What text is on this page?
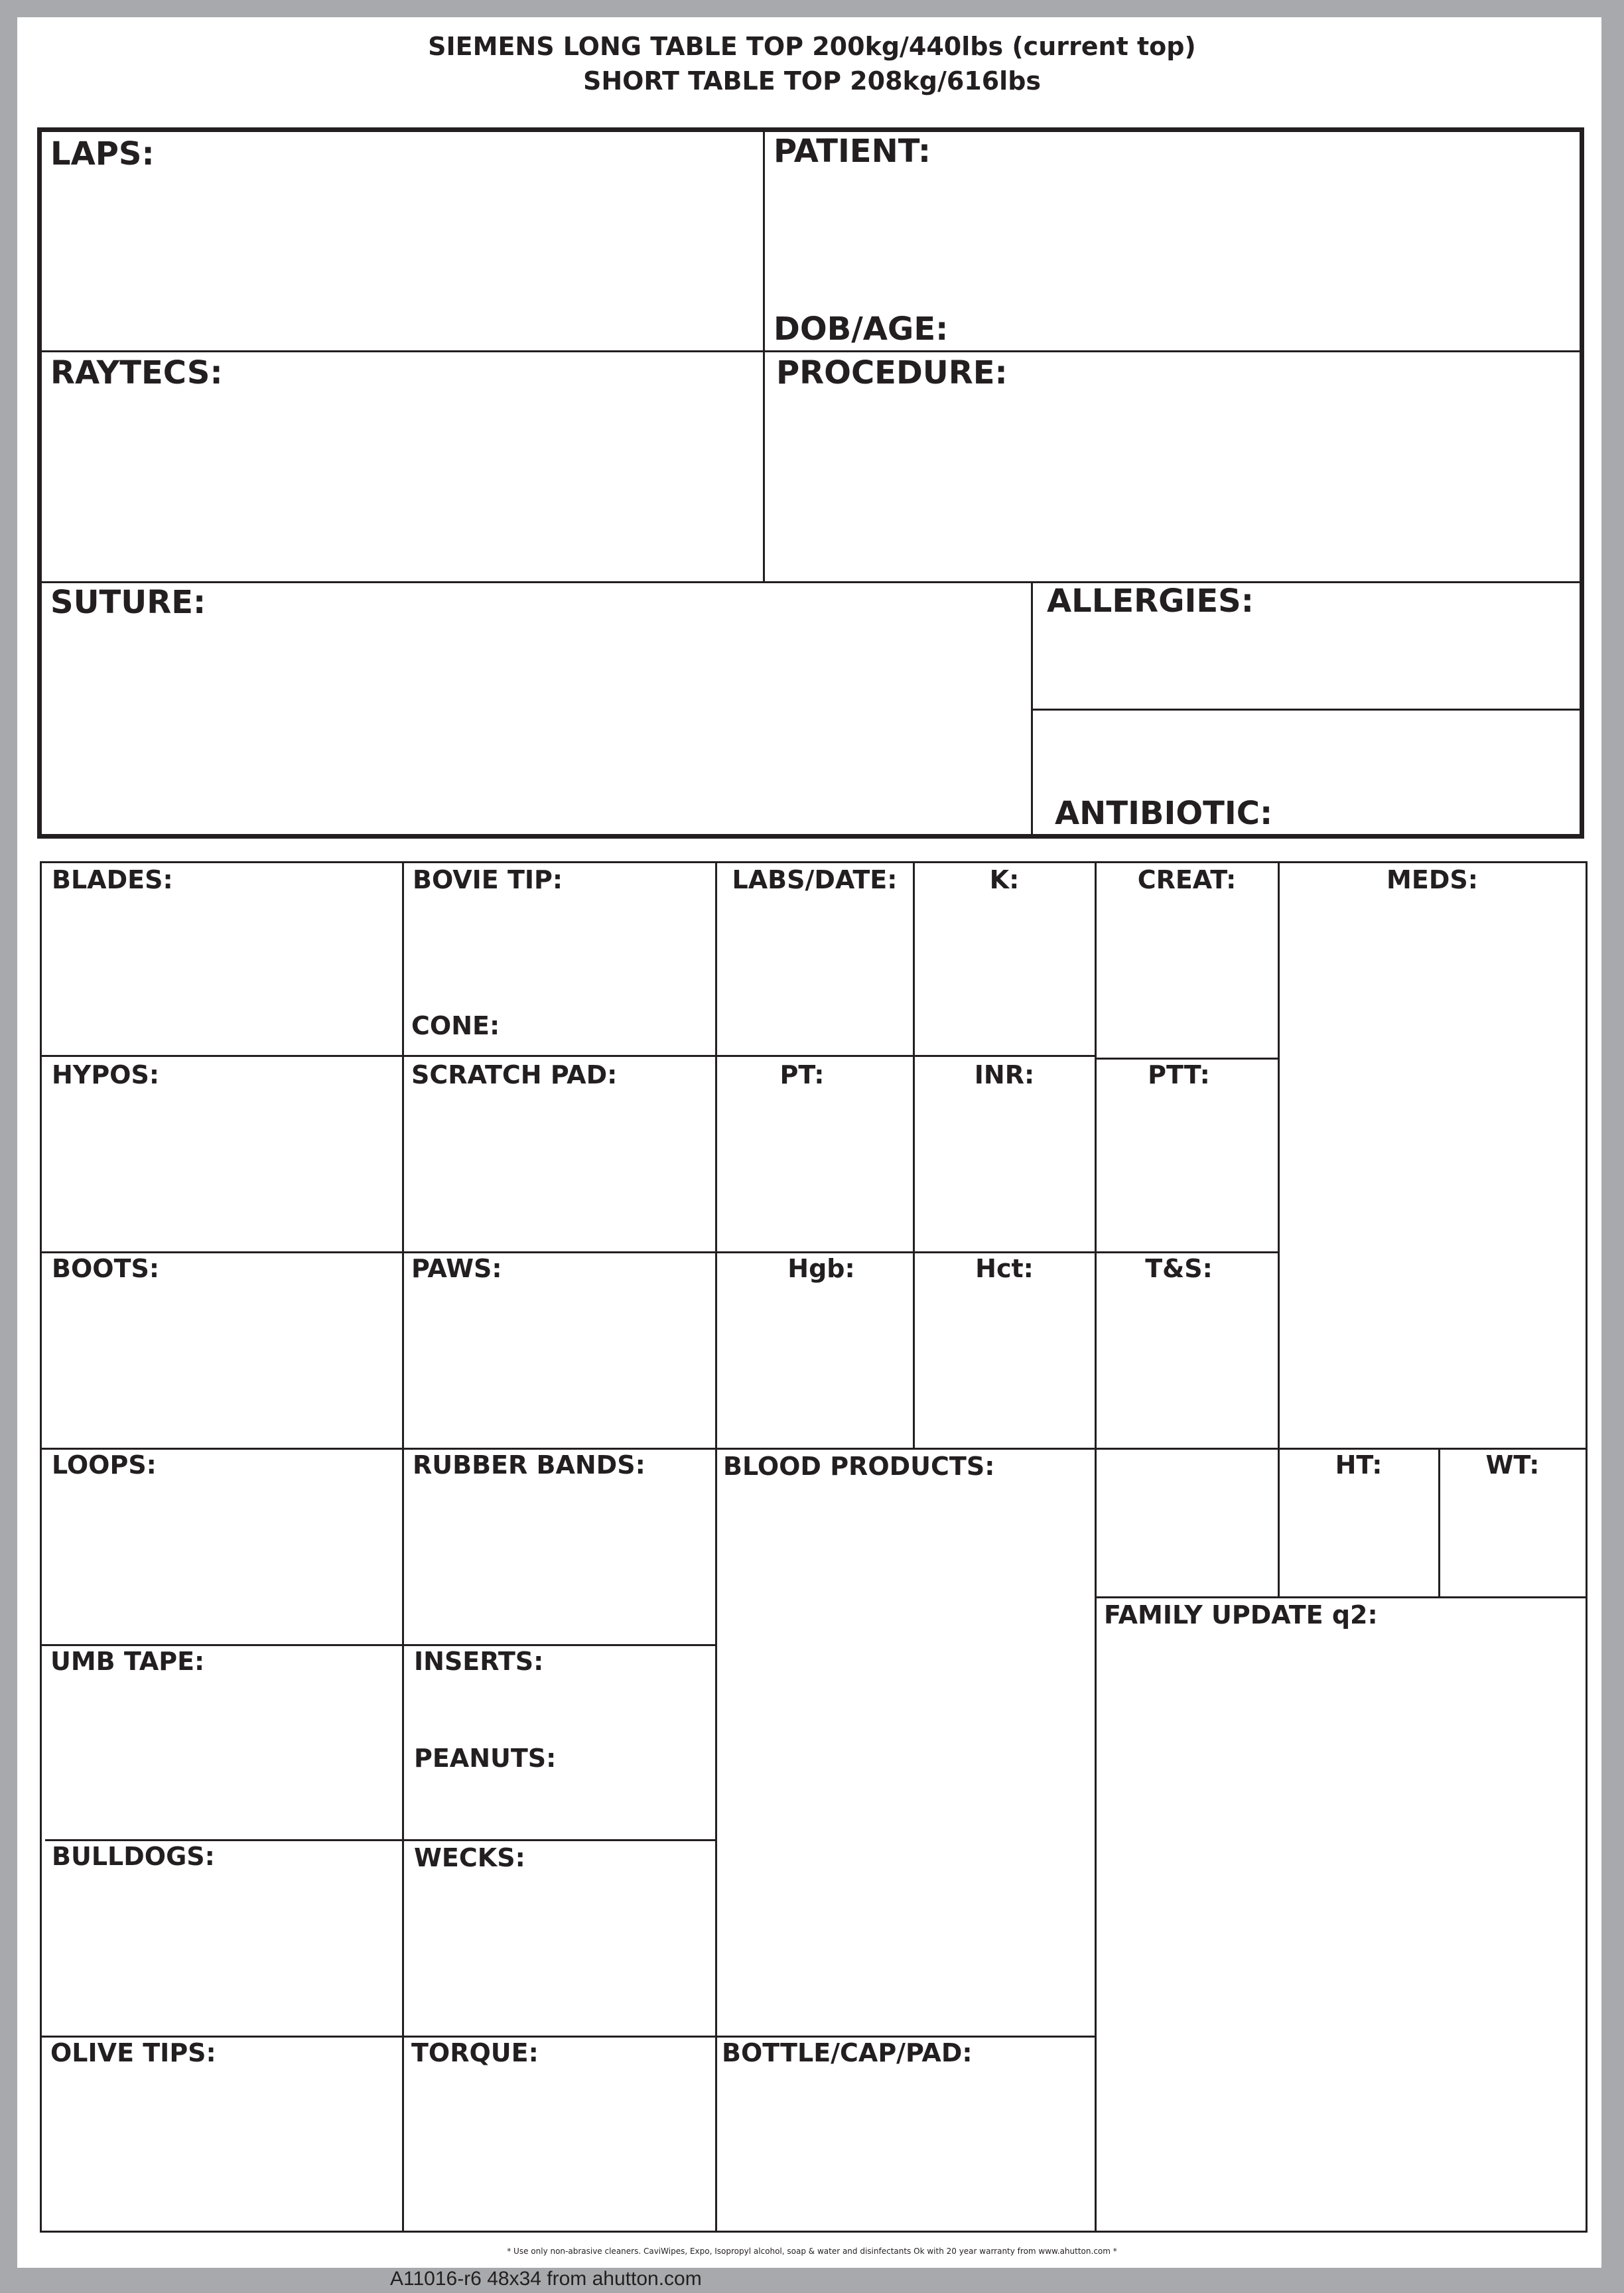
SIEMENS LONG TABLE TOP 200kg/440lbs (current top)
SHORT TABLE TOP 208kg/616lbs
LAPS:	PATIENT:
DOB/AGE:
RAYTECS:	PROCEDURE:
SUTURE:	ALLERGIES:
ANTIBIOTIC:
BLADES:	BOVIE TIP:
CONE:
LABS/DATE:	K:	CREAT:	MEDS:
HYPOS:	SCRATCH PAD:	PT:	INR:	PTT:
BOOTS:	PAWS:	Hgb:	Hct:	T&S:
LOOPS:	RUBBER BANDS:	BLOOD PRODUCTS:	HT:	WT:
FAMILY UPDATE q2:
UMB TAPE:	INSERTS:
PEANUTS:
BULLDOGS:	WECKS:
OLIVE TIPS:	TORQUE:	BOTTLE/CAP/PAD:
* Use only non-abrasive cleaners. CaviWipes, Expo, Isopropyl alcohol, soap & water and disinfectants Ok with 20 year warranty from www.ahutton.com *
A11016-r6 48x34 from ahutton.com
